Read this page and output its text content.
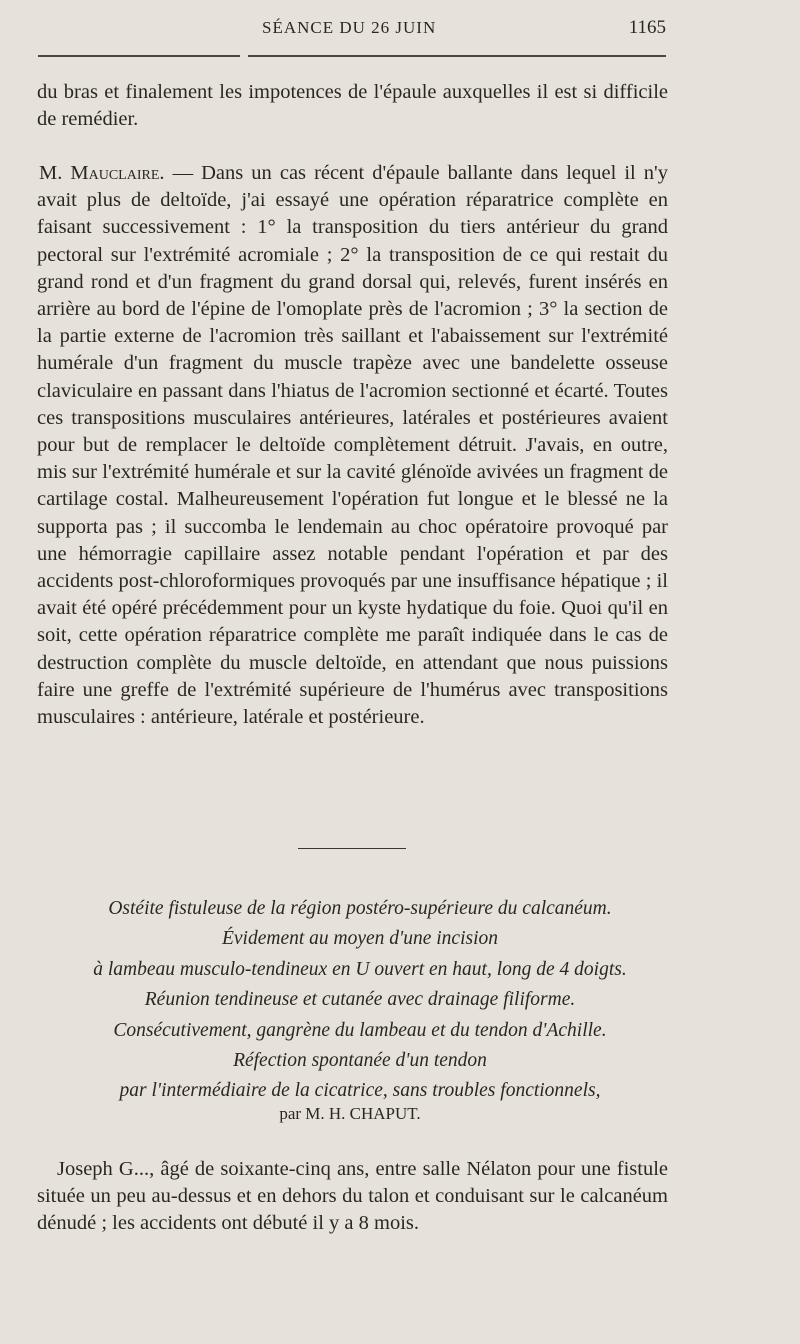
SÉANCE DU 26 JUIN	1165

du bras et finalement les impotences de l'épaule auxquelles il est si difficile de remédier.

M. Mauclaire. — Dans un cas récent d'épaule ballante dans lequel il n'y avait plus de deltoïde, j'ai essayé une opération réparatrice complète en faisant successivement : 1° la transposition du tiers antérieur du grand pectoral sur l'extrémité acromiale ; 2° la transposition de ce qui restait du grand rond et d'un fragment du grand dorsal qui, relevés, furent insérés en arrière au bord de l'épine de l'omoplate près de l'acromion ; 3° la section de la partie externe de l'acromion très saillant et l'abaissement sur l'extrémité humérale d'un fragment du muscle trapèze avec une bandelette osseuse claviculaire en passant dans l'hiatus de l'acromion sectionné et écarté. Toutes ces transpositions musculaires antérieures, latérales et postérieures avaient pour but de remplacer le deltoïde complètement détruit. J'avais, en outre, mis sur l'extrémité humérale et sur la cavité glénoïde avivées un fragment de cartilage costal. Malheureusement l'opération fut longue et le blessé ne la supporta pas ; il succomba le lendemain au choc opératoire provoqué par une hémorragie capillaire assez notable pendant l'opération et par des accidents post-chloroformiques provoqués par une insuffisance hépatique ; il avait été opéré précédemment pour un kyste hydatique du foie. Quoi qu'il en soit, cette opération réparatrice complète me paraît indiquée dans le cas de destruction complète du muscle deltoïde, en attendant que nous puissions faire une greffe de l'extrémité supérieure de l'humérus avec transpositions musculaires : antérieure, latérale et postérieure.

Ostéite fistuleuse de la région postéro-supérieure du calcanéum.
Évidement au moyen d'une incision
à lambeau musculo-tendineux en U ouvert en haut, long de 4 doigts.
Réunion tendineuse et cutanée avec drainage filiforme.
Consécutivement, gangrène du lambeau et du tendon d'Achille.
Réfection spontanée d'un tendon
par l'intermédiaire de la cicatrice, sans troubles fonctionnels,
par M. H. CHAPUT.

Joseph G..., âgé de soixante-cinq ans, entre salle Nélaton pour une fistule située un peu au-dessus et en dehors du talon et conduisant sur le calcanéum dénudé ; les accidents ont débuté il y a 8 mois.
